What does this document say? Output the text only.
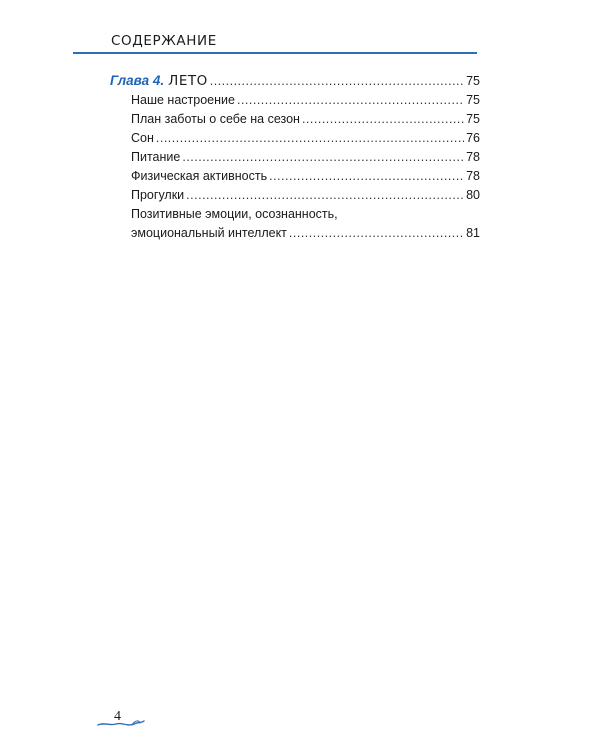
СОДЕРЖАНИЕ
Глава 4. ЛЕТО .....	75
Наше настроение .....	75
План заботы о себе на сезон .....	75
Сон .....	76
Питание .....	78
Физическая активность .....	78
Прогулки .....	80
Позитивные эмоции, осознанность,
эмоциональный интеллект .....	81
4
